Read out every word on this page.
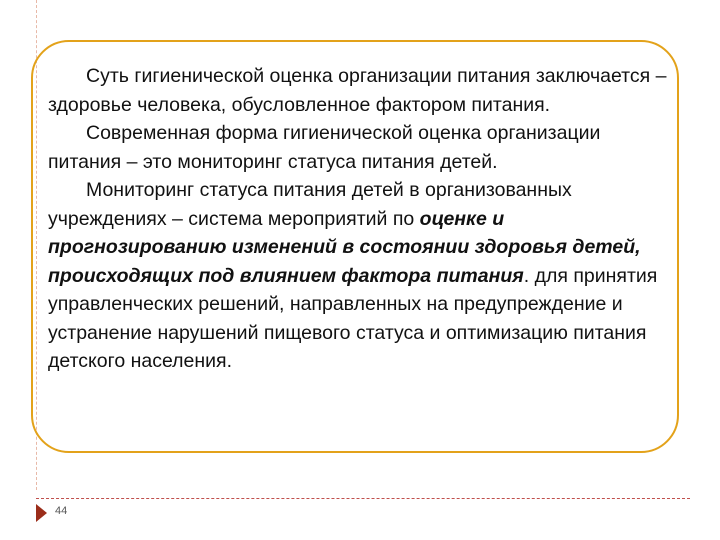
Суть гигиенической оценка организации питания заключается – здоровье человека, обусловленное фактором питания.

Современная форма гигиенической оценка организации питания – это мониторинг статуса питания детей.

Мониторинг статуса питания детей в организованных учреждениях – система мероприятий по оценке и прогнозированию изменений в состоянии здоровья детей, происходящих под влиянием фактора питания. для принятия управленческих решений, направленных на предупреждение и устранение нарушений пищевого статуса и оптимизацию питания детского населения.

44
